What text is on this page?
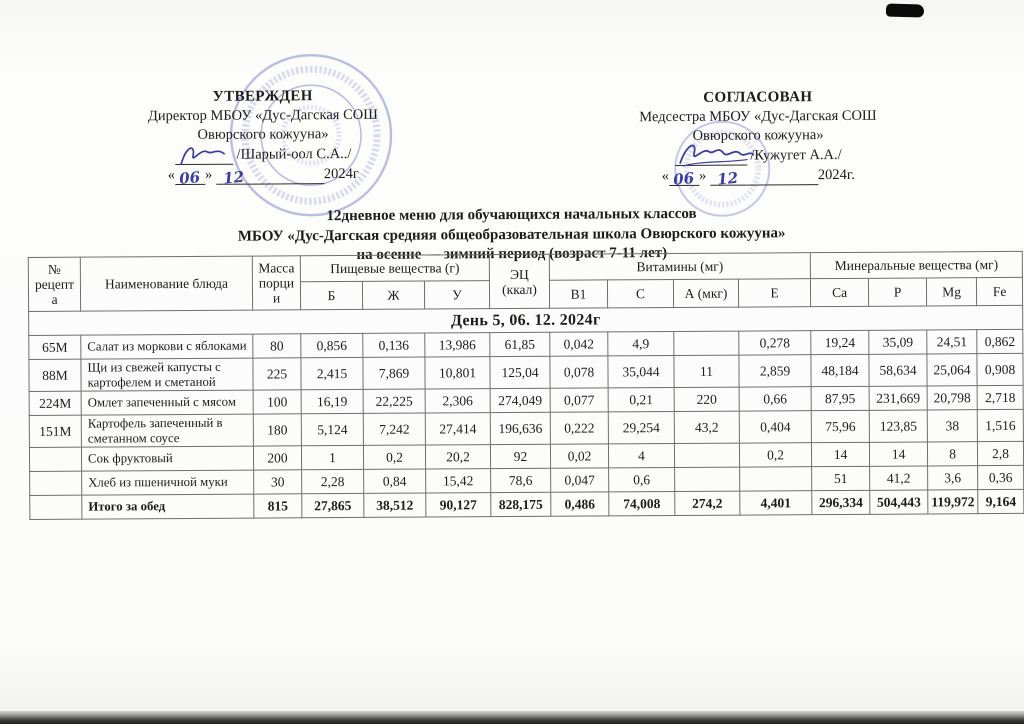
УТВЕРЖДЕН
Директор МБОУ «Дус-Дагская СОШ
Овюрского кожууна»
/Шарый-оол С.А../
« 06 » 12	2024г
СОГЛАСОВАН
Медсестра МБОУ «Дус-Дагская СОШ
Овюрского кожууна»
/Кужугет А.А./
« 06 » 12	2024г.
12дневное меню для обучающихся начальных классов
МБОУ «Дус-Дагская средняя общеобразовательная школа Овюрского кожууна»
на осенне — зимний период (возраст 7-11 лет)
№ рецепта	Наименование блюда	Масса порции	Пищевые вещества (г)			ЭЦ (ккал)	Витамины (мг)				Минеральные вещества (мг)			
			Б	Ж	У		В1	С	А (мкг)	Е	Са	Р	Mg	Fe
День 5, 06. 12. 2024г														
65М	Салат из моркови с яблоками	80	0,856	0,136	13,986	61,85	0,042	4,9		0,278	19,24	35,09	24,51	0,862
88М	Щи из свежей капусты с картофелем и сметаной	225	2,415	7,869	10,801	125,04	0,078	35,044	11	2,859	48,184	58,634	25,064	0,908
224М	Омлет запеченный с мясом	100	16,19	22,225	2,306	274,049	0,077	0,21	220	0,66	87,95	231,669	20,798	2,718
151М	Картофель запеченный в сметанном соусе	180	5,124	7,242	27,414	196,636	0,222	29,254	43,2	0,404	75,96	123,85	38	1,516
	Сок фруктовый	200	1	0,2	20,2	92	0,02	4		0,2	14	14	8	2,8
	Хлеб из пшеничной муки	30	2,28	0,84	15,42	78,6	0,047	0,6			51	41,2	3,6	0,36
	Итого за обед	815	27,865	38,512	90,127	828,175	0,486	74,008	274,2	4,401	296,334	504,443	119,972	9,164
